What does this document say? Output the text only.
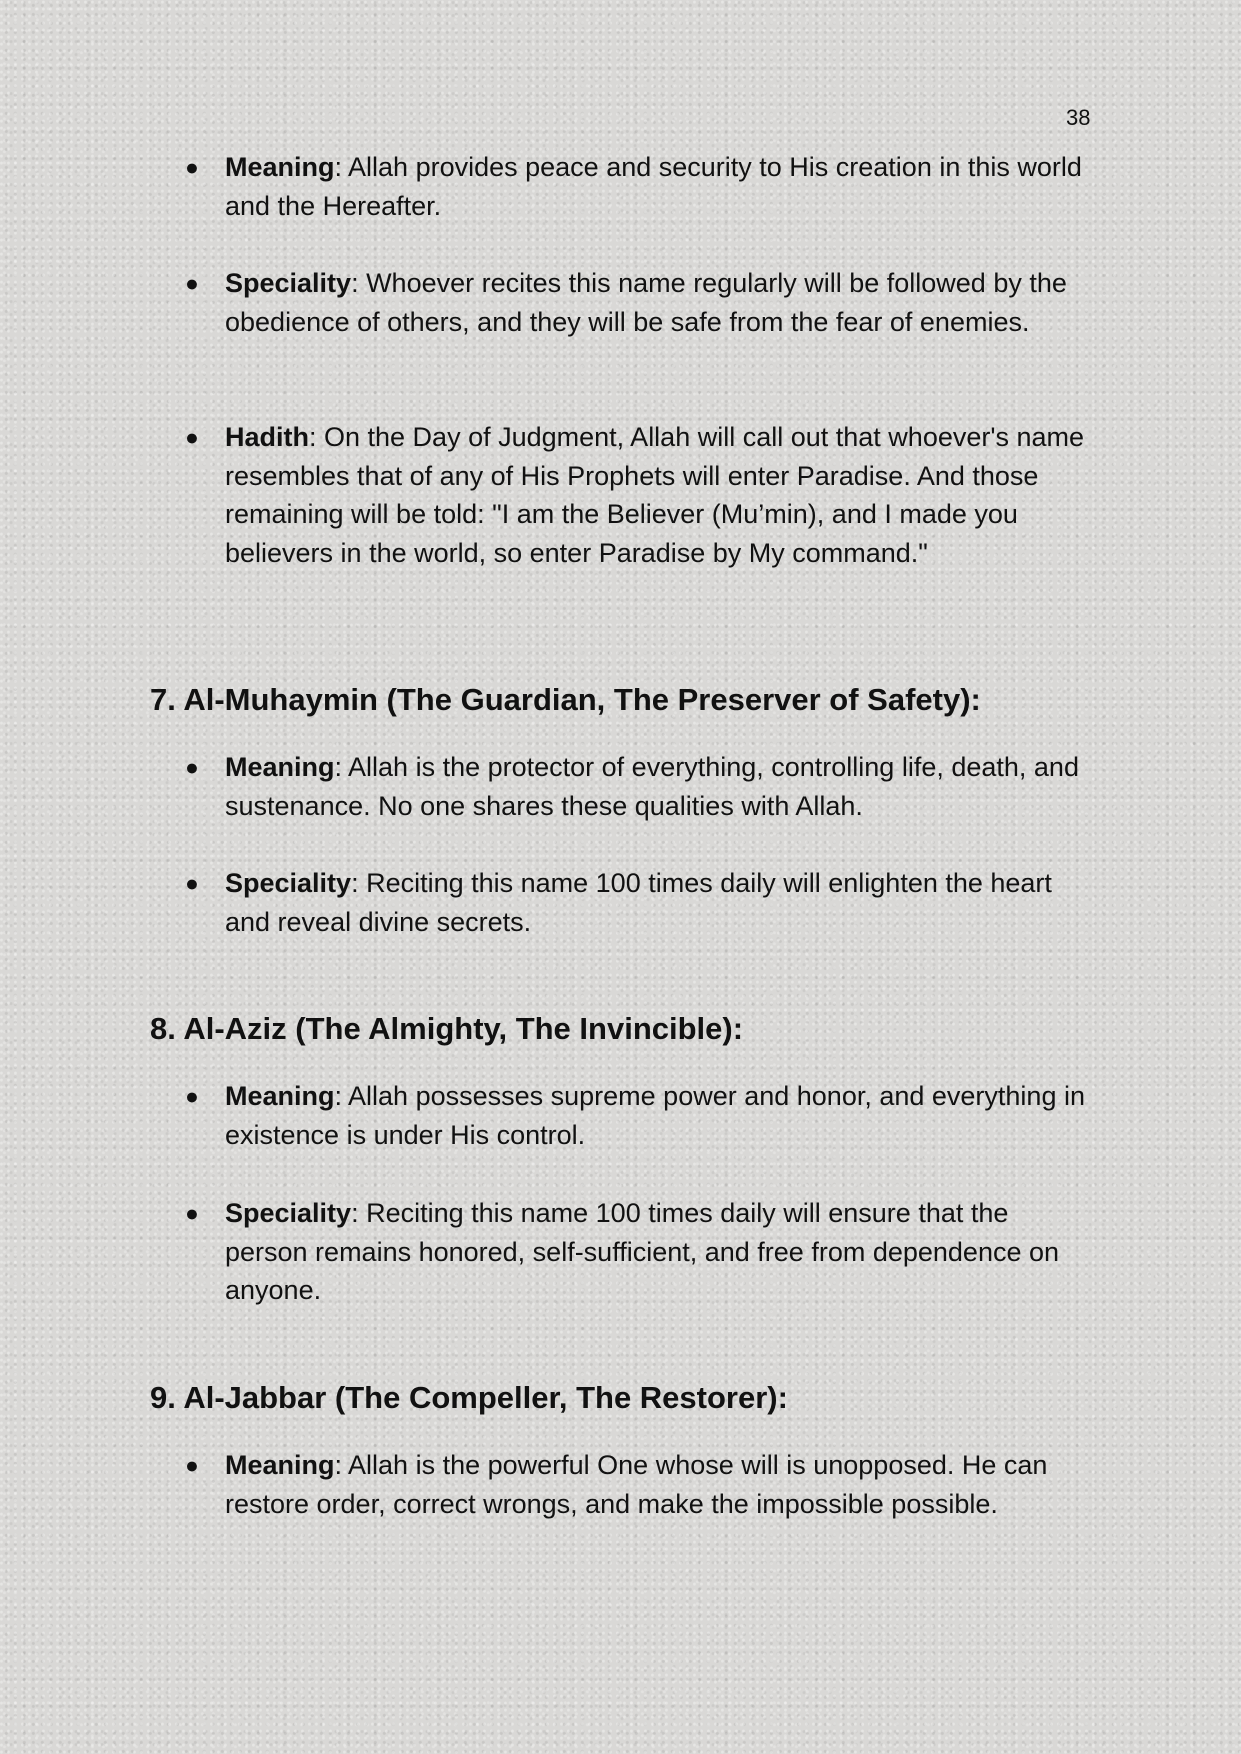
38
● Meaning: Allah provides peace and security to His creation in this world and the Hereafter.
● Speciality: Whoever recites this name regularly will be followed by the obedience of others, and they will be safe from the fear of enemies.
● Hadith: On the Day of Judgment, Allah will call out that whoever's name resembles that of any of His Prophets will enter Paradise. And those remaining will be told: "I am the Believer (Mu’min), and I made you believers in the world, so enter Paradise by My command."
7. Al-Muhaymin (The Guardian, The Preserver of Safety):
● Meaning: Allah is the protector of everything, controlling life, death, and sustenance. No one shares these qualities with Allah.
● Speciality: Reciting this name 100 times daily will enlighten the heart and reveal divine secrets.
8. Al-Aziz (The Almighty, The Invincible):
● Meaning: Allah possesses supreme power and honor, and everything in existence is under His control.
● Speciality: Reciting this name 100 times daily will ensure that the person remains honored, self-sufficient, and free from dependence on anyone.
9. Al-Jabbar (The Compeller, The Restorer):
● Meaning: Allah is the powerful One whose will is unopposed. He can restore order, correct wrongs, and make the impossible possible.
